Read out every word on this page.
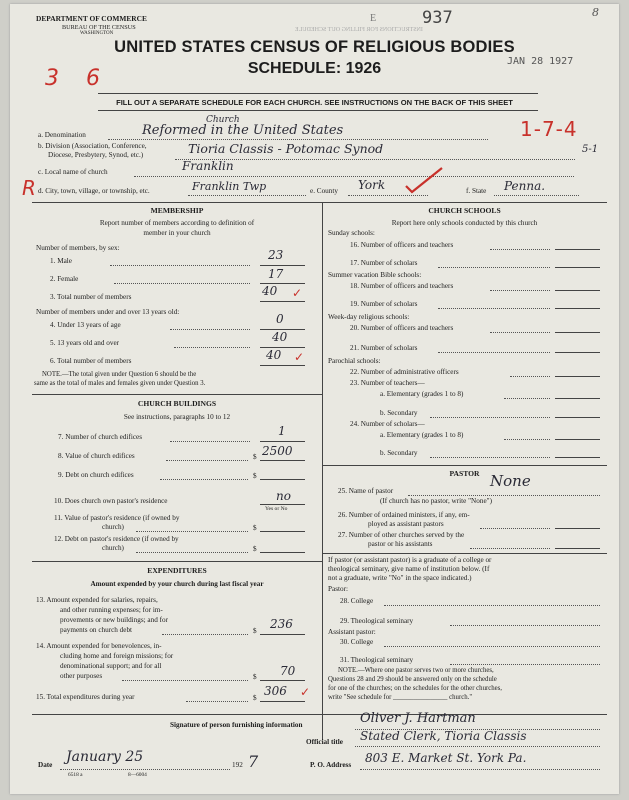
DEPARTMENT OF COMMERCE
BUREAU OF THE CENSUS
WASHINGTON
E	937	8
INSTRUCTIONS FOR FILLING OUT SCHEDULE
UNITED STATES CENSUS OF RELIGIOUS BODIES
SCHEDULE: 1926	JAN 28 1927
3 6
FILL OUT A SEPARATE SCHEDULE FOR EACH CHURCH. SEE INSTRUCTIONS ON THE BACK OF THIS SHEET
a. Denomination
Church
Reformed in the United States	1-7-4
b. Division (Association, Conference,
Diocese, Presbytery, Synod, etc.)	Tioria Classis - Potomac Synod	5-1
c. Local name of church	Franklin
R d. City, town, village, or township, etc.	Franklin Twp	e. County York	f. State Penna.
MEMBERSHIP
Report number of members according to definition of
member in your church
Number of members, by sex:
1. Male	23
2. Female	17
3. Total number of members	40 ✓
Number of members under and over 13 years old:
4. Under 13 years of age	0
5. 13 years old and over	40
6. Total number of members	40 ✓
NOTE.—The total given under Question 6 should be the
same as the total of males and females given under Question 3.
CHURCH BUILDINGS
See instructions, paragraphs 10 to 12
7. Number of church edifices	1
8. Value of church edifices	$ 2500
9. Debt on church edifices	$
10. Does church own pastor's residence	no
Yes or No
11. Value of pastor's residence (if owned by
church)	$
12. Debt on pastor's residence (if owned by
church)	$
EXPENDITURES
Amount expended by your church during last fiscal year
13. Amount expended for salaries, repairs,
and other running expenses; for im-
provements or new buildings; and for
payments on church debt	$ 236
14. Amount expended for benevolences, in-
cluding home and foreign missions; for
denominational support; and for all
other purposes	$ 70
15. Total expenditures during year	$ 306 ✓
CHURCH SCHOOLS
Report here only schools conducted by this church
Sunday schools:
16. Number of officers and teachers
17. Number of scholars
Summer vacation Bible schools:
18. Number of officers and teachers
19. Number of scholars
Week-day religious schools:
20. Number of officers and teachers
21. Number of scholars
Parochial schools:
22. Number of administrative officers
23. Number of teachers—
a. Elementary (grades 1 to 8)
b. Secondary
24. Number of scholars—
a. Elementary (grades 1 to 8)
b. Secondary
PASTOR
25. Name of pastor
None
(If church has no pastor, write "None")
26. Number of ordained ministers, if any, em-
ployed as assistant pastors
27. Number of other churches served by the
pastor or his assistants
If pastor (or assistant pastor) is a graduate of a college or
theological seminary, give name of institution below. (If
not a graduate, write "No" in the space indicated.)
Pastor:
28. College
29. Theological seminary
Assistant pastor:
30. College
31. Theological seminary
NOTE.—Where one pastor serves two or more churches,
Questions 28 and 29 should be answered only on the schedule
for one of the churches; on the schedules for the other churches,
write "See schedule for ________________ church."
Signature of person furnishing information	Oliver J. Hartman
Official title Stated Clerk, Tioria Classis
Date January 25	192 7
6518 a	8—6004
P. O. Address 803 E. Market St. York Pa.
